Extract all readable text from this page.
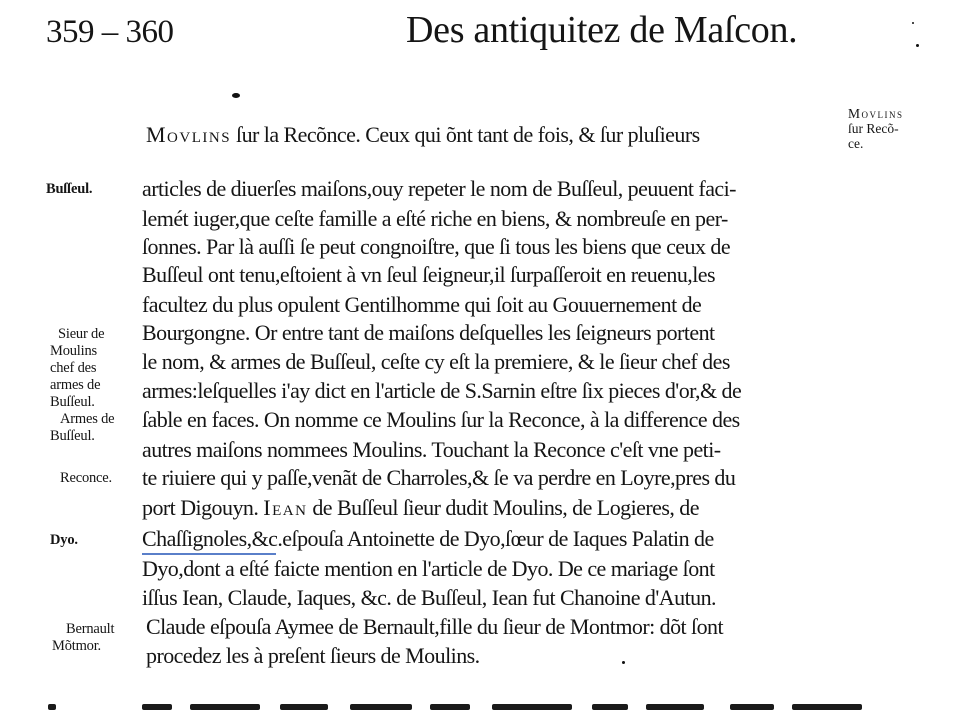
359 – 360	Des antiquitez de Maſcon.
Movlins
ſur Recõ-
ce.
Movlins ſur la Recõnce. Ceux qui õnt tant de fois, & ſur pluſieurs
articles de diuerſes maiſons,ouy repeter le nom de Buſſeul, peuuent faci-
lemét iuger,que ceſte famille a eſté riche en biens, & nombreuſe en per-
ſonnes. Par là auſſi ſe peut congnoiſtre, que ſi tous les biens que ceux de
Buſſeul ont tenu,eſtoient à vn ſeul ſeigneur,il ſurpaſſeroit en reuenu,les
facultez du plus opulent Gentilhomme qui ſoit au Gouuernement de
Bourgongne. Or entre tant de maiſons deſquelles les ſeigneurs portent
le nom, & armes de Buſſeul, ceſte cy eſt la premiere, & le ſieur chef des
armes:leſquelles i'ay dict en l'article de S.Sarnin eſtre ſix pieces d'or,& de
ſable en faces. On nomme ce Moulins ſur la Reconce, à la difference des
autres maiſons nommees Moulins. Touchant la Reconce c'eſt vne peti-
te riuiere qui y paſſe,venãt de Charroles,& ſe va perdre en Loyre,pres du
port Digouyn. Iean de Buſſeul ſieur dudit Moulins, de Logieres, de
Chaſſignoles,&c.eſpouſa Antoinette de Dyo,ſœur de Iaques Palatin de
Dyo,dont a eſté faicte mention en l'article de Dyo. De ce mariage ſont
iſſus Iean, Claude, Iaques, &c. de Buſſeul, Iean fut Chanoine d'Autun.
Claude eſpouſa Aymee de Bernault,fille du ſieur de Montmor: dõt ſont
procedez les à preſent ſieurs de Moulins.
Buſſeul.
Sieur de
Moulins
chef des
armes de
Buſſeul.
Armes de
Buſſeul.
Reconce.
Dyo.
Bernault
Mõtmor.
